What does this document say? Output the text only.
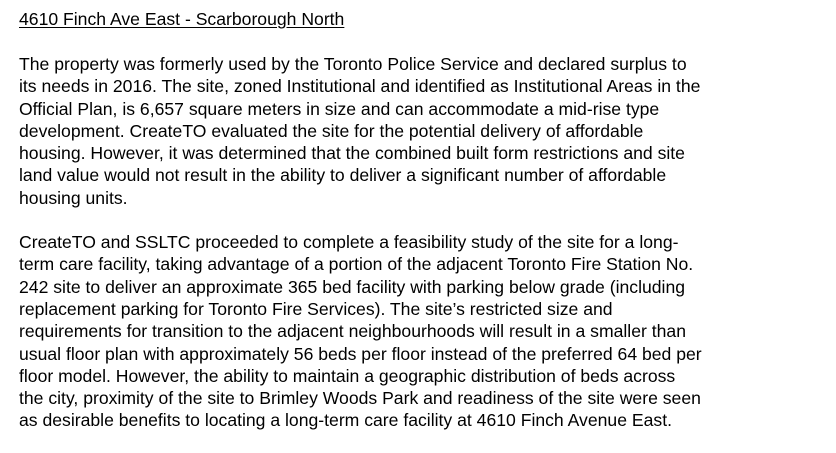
4610 Finch Ave East - Scarborough North

The property was formerly used by the Toronto Police Service and declared surplus to
its needs in 2016. The site, zoned Institutional and identified as Institutional Areas in the
Official Plan, is 6,657 square meters in size and can accommodate a mid-rise type
development. CreateTO evaluated the site for the potential delivery of affordable
housing. However, it was determined that the combined built form restrictions and site
land value would not result in the ability to deliver a significant number of affordable
housing units.

CreateTO and SSLTC proceeded to complete a feasibility study of the site for a long-
term care facility, taking advantage of a portion of the adjacent Toronto Fire Station No.
242 site to deliver an approximate 365 bed facility with parking below grade (including
replacement parking for Toronto Fire Services). The site’s restricted size and
requirements for transition to the adjacent neighbourhoods will result in a smaller than
usual floor plan with approximately 56 beds per floor instead of the preferred 64 bed per
floor model. However, the ability to maintain a geographic distribution of beds across
the city, proximity of the site to Brimley Woods Park and readiness of the site were seen
as desirable benefits to locating a long-term care facility at 4610 Finch Avenue East.
